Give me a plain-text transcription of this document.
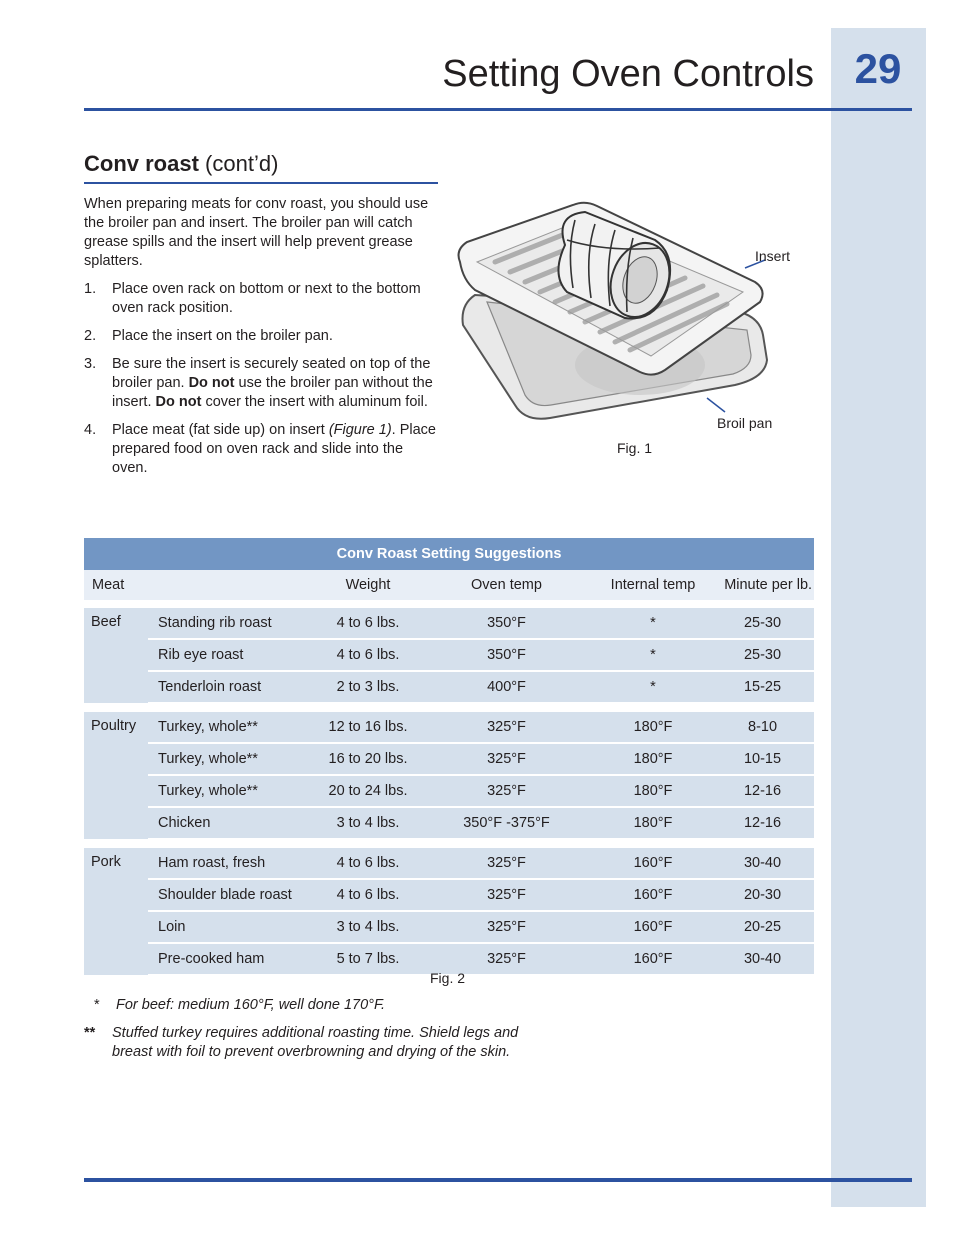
29
Setting Oven Controls
Conv roast (cont’d)
When preparing meats for conv roast, you should use the broiler pan and insert. The broiler pan will catch grease spills and the insert will help prevent grease splatters.
1. Place oven rack on bottom or next to the bottom oven rack position.
2. Place the insert on the broiler pan.
3. Be sure the insert is securely seated on top of the broiler pan. Do not use the broiler pan without the insert. Do not cover the insert with aluminum foil.
4. Place meat (fat side up) on insert (Figure 1). Place prepared food on oven rack and slide into the oven.
Insert
Broil pan
Fig. 1
Conv Roast Setting Suggestions					
Meat		Weight	Oven temp	Internal temp	Minute per lb.

Beef	Standing rib roast	4 to 6 lbs.	350°F	*	25-30
	Rib eye roast	4 to 6 lbs.	350°F	*	25-30
	Tenderloin roast	2 to 3 lbs.	400°F	*	15-25

Poultry	Turkey, whole**	12 to 16 lbs.	325°F	180°F	8-10
	Turkey, whole**	16 to 20 lbs.	325°F	180°F	10-15
	Turkey, whole**	20 to 24 lbs.	325°F	180°F	12-16
	Chicken	3 to 4 lbs.	350°F -375°F	180°F	12-16

Pork	Ham roast, fresh	4 to 6 lbs.	325°F	160°F	30-40
	Shoulder blade roast	4 to 6 lbs.	325°F	160°F	20-30
	Loin	3 to 4 lbs.	325°F	160°F	20-25
	Pre-cooked ham	5 to 7 lbs.	325°F	160°F	30-40
Fig. 2
* For beef: medium 160°F, well done 170°F.
** Stuffed turkey requires additional roasting time. Shield legs and breast with foil to prevent overbrowning and drying of the skin.
